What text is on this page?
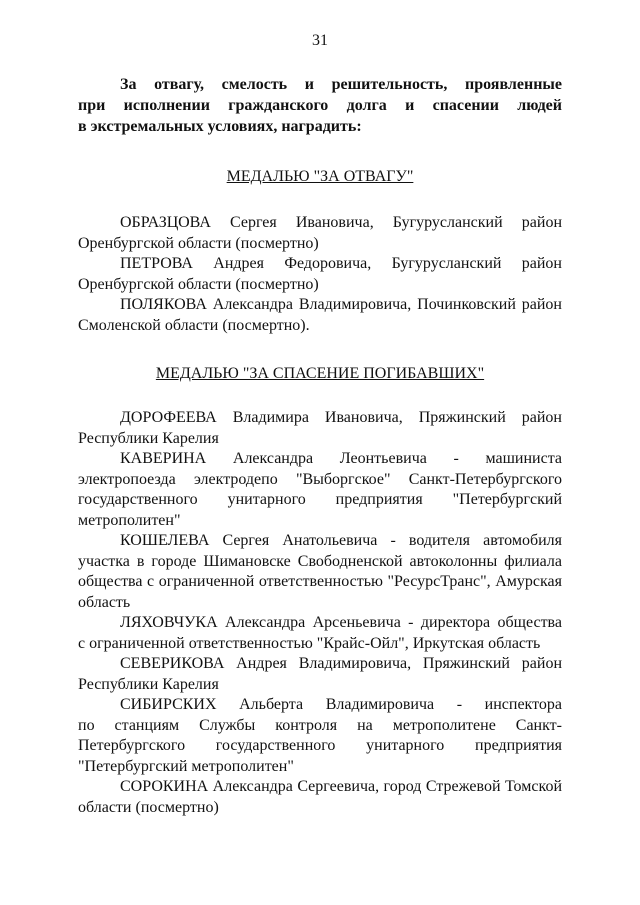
31

За отвагу, смелость и решительность, проявленные

при исполнении гражданского долга и спасении людей

в экстремальных условиях, наградить:

МЕДАЛЬЮ "ЗА ОТВАГУ"

ОБРАЗЦОВА Сергея Ивановича, Бугурусланский район
Оренбургской области (посмертно)
ПЕТРОВА Андрея Федоровича, Бугурусланский район
Оренбургской области (посмертно)
ПОЛЯКОВА Александра Владимировича, Починковский район
Смоленской области (посмертно).

МЕДАЛЬЮ "ЗА СПАСЕНИЕ ПОГИБАВШИХ"

ДОРОФЕЕВА Владимира Ивановича, Пряжинский район
Республики Карелия
КАВЕРИНА Александра Леонтьевича - машиниста
электропоезда электродепо "Выборгское" Санкт-Петербургского
государственного унитарного предприятия "Петербургский
метрополитен"
КОШЕЛЕВА Сергея Анатольевича - водителя автомобиля
участка в городе Шимановске Свободненской автоколонны филиала
общества с ограниченной ответственностью "РесурсТранс", Амурская
область
ЛЯХОВЧУКА Александра Арсеньевича - директора общества
с ограниченной ответственностью "Крайс-Ойл", Иркутская область
СЕВЕРИКОВА Андрея Владимировича, Пряжинский район
Республики Карелия
СИБИРСКИХ Альберта Владимировича - инспектора
по станциям Службы контроля на метрополитене Санкт-
Петербургского государственного унитарного предприятия
"Петербургский метрополитен"
СОРОКИНА Александра Сергеевича, город Стрежевой Томской
области (посмертно)
